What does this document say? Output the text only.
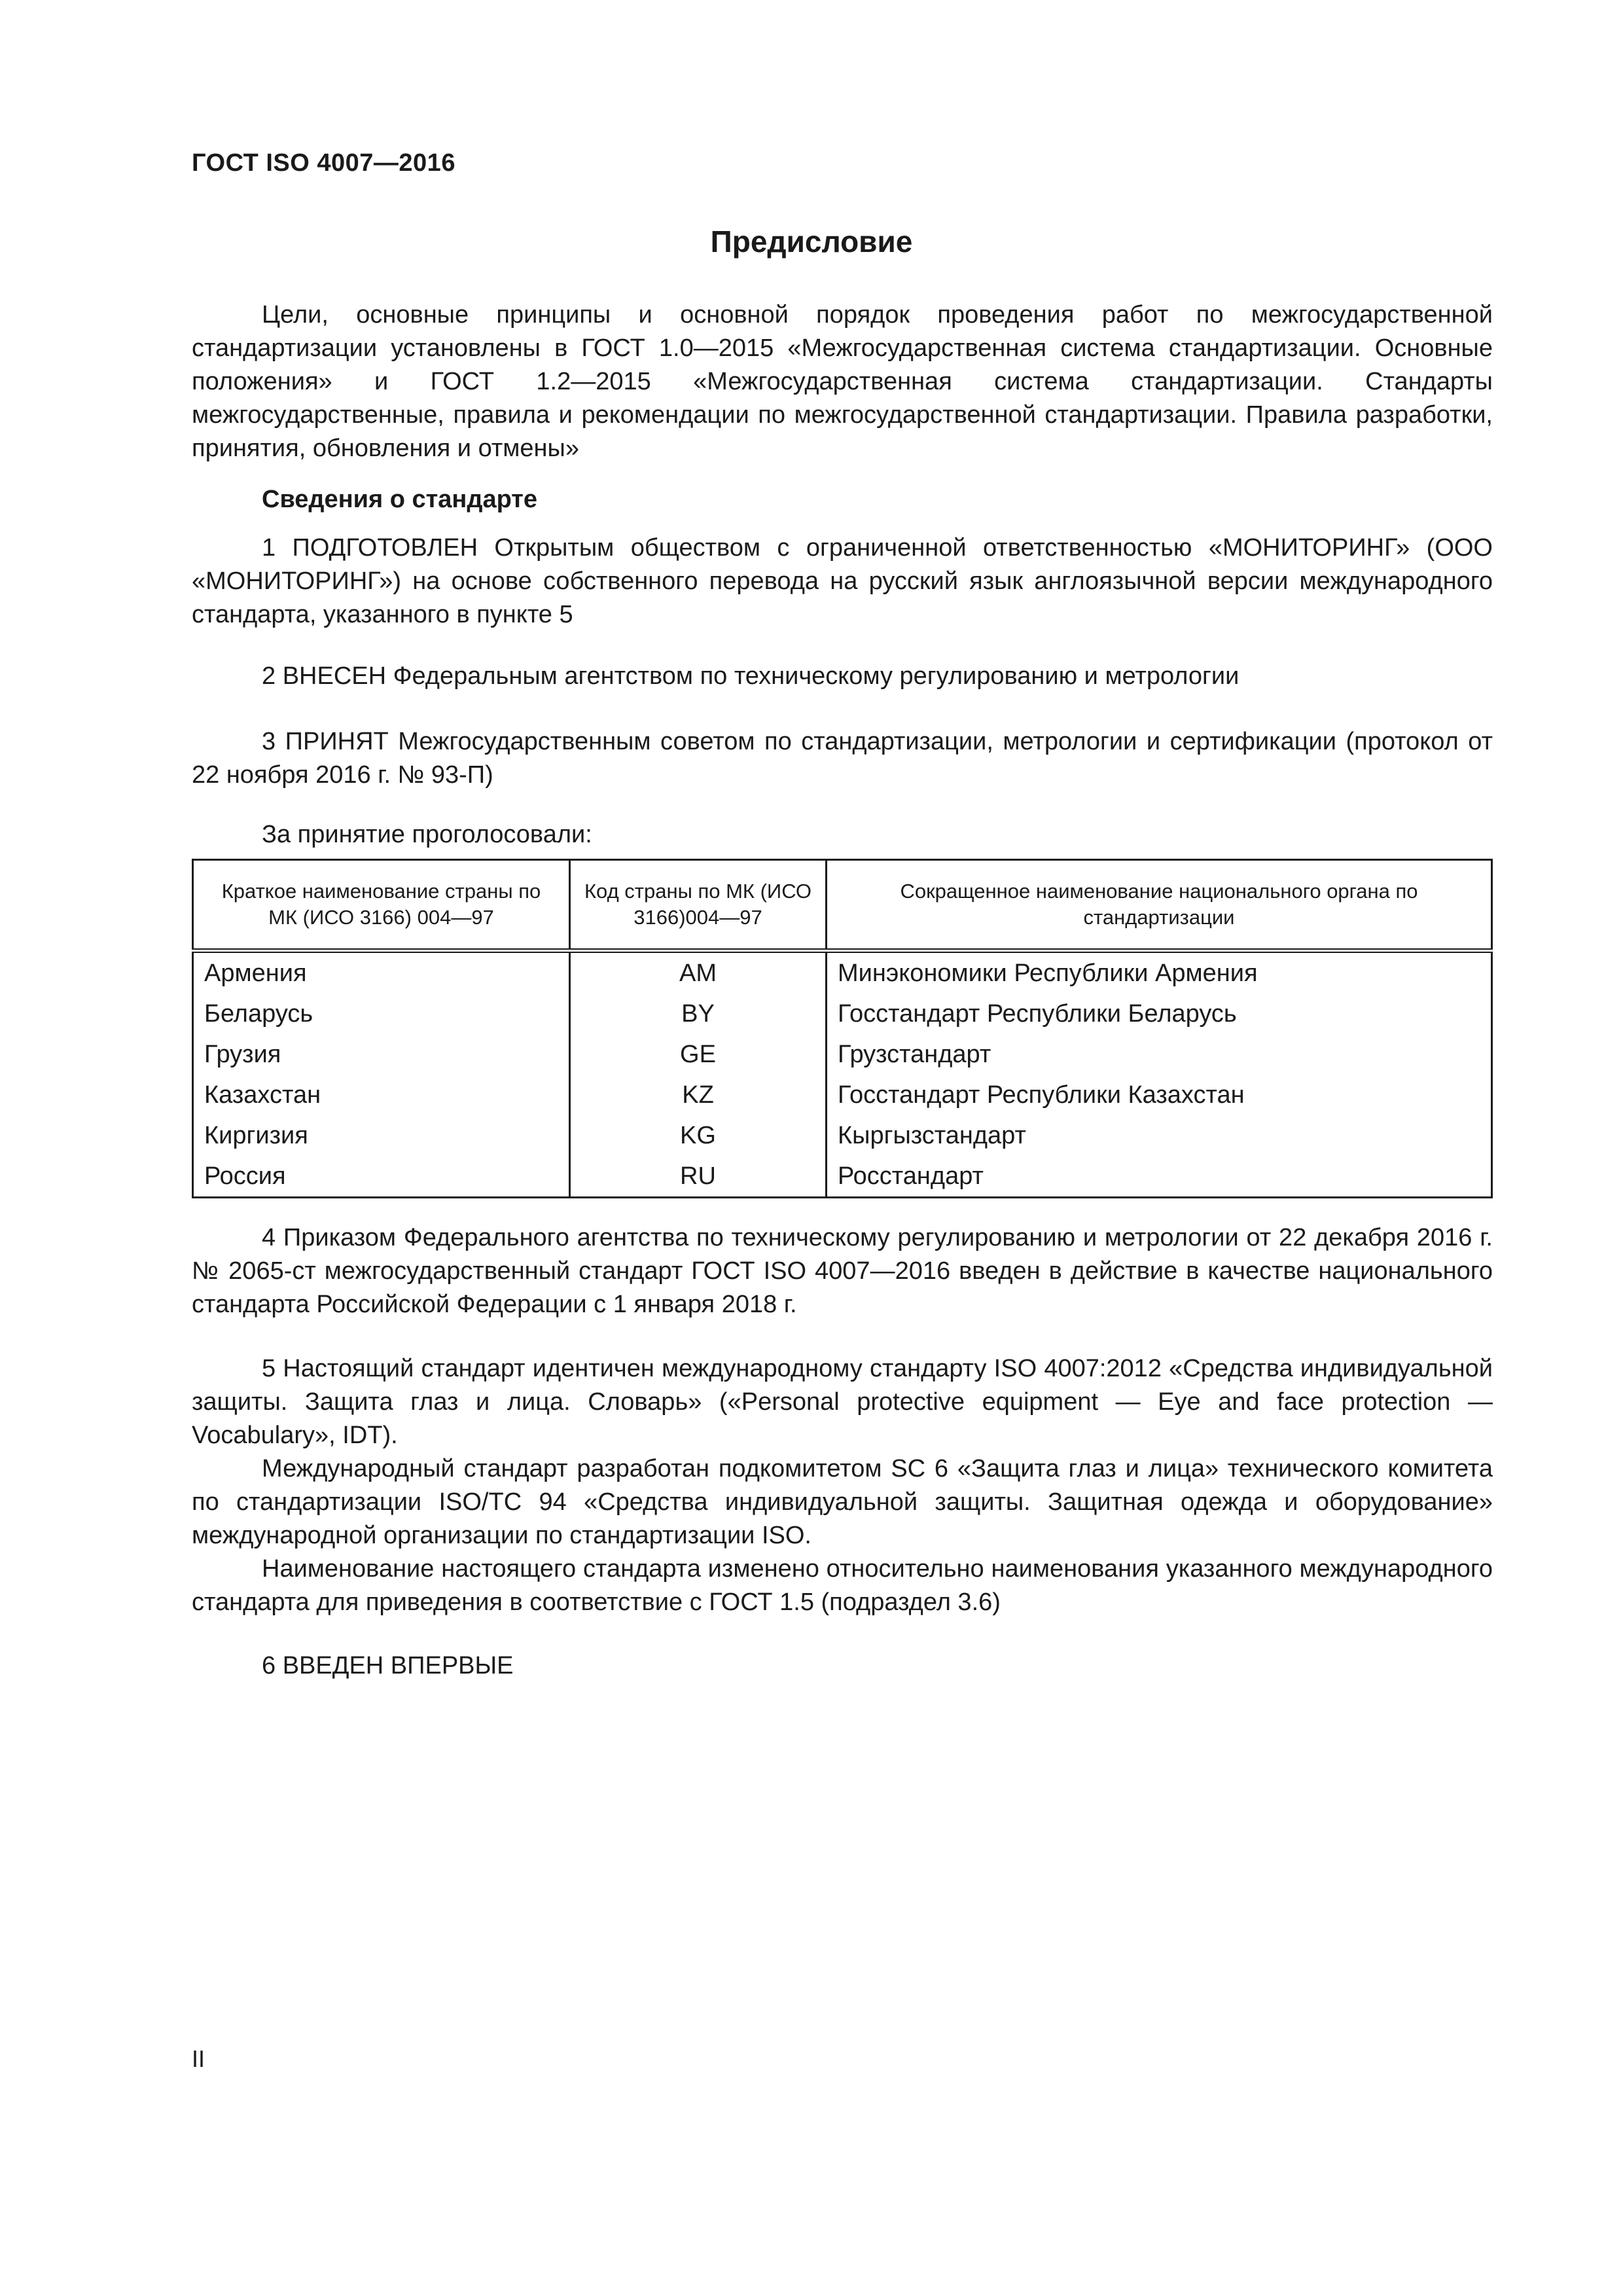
ГОСТ ISO 4007—2016
Предисловие
Цели, основные принципы и основной порядок проведения работ по межгосударственной стандартизации установлены в ГОСТ 1.0—2015 «Межгосударственная система стандартизации. Основные положения» и ГОСТ 1.2—2015 «Межгосударственная система стандартизации. Стандарты межгосударственные, правила и рекомендации по межгосударственной стандартизации. Правила разработки, принятия, обновления и отмены»
Сведения о стандарте
1 ПОДГОТОВЛЕН Открытым обществом с ограниченной ответственностью «МОНИТОРИНГ» (ООО «МОНИТОРИНГ») на основе собственного перевода на русский язык англоязычной версии международного стандарта, указанного в пункте 5
2 ВНЕСЕН Федеральным агентством по техническому регулированию и метрологии
3 ПРИНЯТ Межгосударственным советом по стандартизации, метрологии и сертификации (протокол от 22 ноября 2016 г. № 93-П)
За принятие проголосовали:
Краткое наименование страны по МК (ИСО 3166) 004—97	Код страны по МК (ИСО 3166)004—97	Сокращенное наименование национального органа по стандартизации
Армения	AM	Минэкономики Республики Армения
Беларусь	BY	Госстандарт Республики Беларусь
Грузия	GE	Грузстандарт
Казахстан	KZ	Госстандарт Республики Казахстан
Киргизия	KG	Кыргызстандарт
Россия	RU	Росстандарт
4 Приказом Федерального агентства по техническому регулированию и метрологии от 22 декабря 2016 г. № 2065-ст межгосударственный стандарт ГОСТ ISO 4007—2016 введен в действие в качестве национального стандарта Российской Федерации с 1 января 2018 г.
5 Настоящий стандарт идентичен международному стандарту ISO 4007:2012 «Средства индивидуальной защиты. Защита глаз и лица. Словарь» («Personal protective equipment — Eye and face protection — Vocabulary», IDT).
Международный стандарт разработан подкомитетом SC 6 «Защита глаз и лица» технического комитета по стандартизации ISO/TC 94 «Средства индивидуальной защиты. Защитная одежда и оборудование» международной организации по стандартизации ISO.
Наименование настоящего стандарта изменено относительно наименования указанного международного стандарта для приведения в соответствие с ГОСТ 1.5 (подраздел 3.6)
6 ВВЕДЕН ВПЕРВЫЕ
II
